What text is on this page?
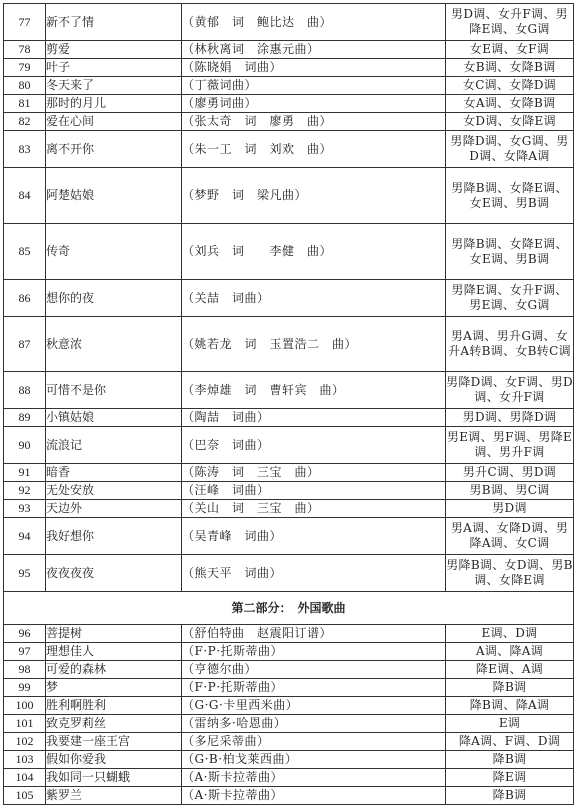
77	新不了情	（黄郁　词　鲍比达　曲）	男D调、女升F调、男降E调、女G调
78	剪爱	（林秋离词　涂惠元曲）	女E调、女F调
79	叶子	（陈晓娟　词曲）	女B调、女降B调
80	冬天来了	（丁薇词曲）	女C调、女降D调
81	那时的月儿	（廖勇词曲）	女A调、女降B调
82	爱在心间	（张太奇　词　廖勇　曲）	女D调、女降E调
83	离不开你	（朱一工　词　刘欢　曲）	男降D调、女G调、男D调、女降A调
84	阿楚姑娘	（梦野　词　梁凡曲）	男降B调、女降E调、女E调、男B调
85	传奇	（刘兵　词　　李健　曲）	男降B调、女降E调、女E调、男B调
86	想你的夜	（关喆　词曲）	男降E调、女升F调、男E调、女G调
87	秋意浓	（姚若龙　词　玉置浩二　曲）	男A调、男升G调、女升A转B调、女B转C调
88	可惜不是你	（李焯雄　词　曹轩宾　曲）	男降D调、女F调、男D调、女升F调
89	小镇姑娘	（陶喆　词曲）	男D调、男降D调
90	流浪记	（巴奈　词曲）	男E调、男F调、男降E调、男升F调
91	暗香	（陈涛　词　三宝　曲）	男升C调、男D调
92	无处安放	（汪峰　词曲）	男B调、男C调
93	天边外	（关山　词　三宝　曲）	男D调
94	我好想你	（吴青峰　词曲）	男A调、女降D调、男降A调、女C调
95	夜夜夜夜	（熊天平　词曲）	男降B调、女D调、男B调、女降E调
第二部分：　外国歌曲			
96	菩提树	（舒伯特曲　赵震阳订谱）	E调、D调
97	理想佳人	（F·P·托斯蒂曲）	A调、降A调
98	可爱的森林	（亨德尔曲）	降E调、A调
99	梦	（F·P·托斯蒂曲）	降B调
100	胜利啊胜利	（G·G·卡里西米曲）	降B调、降A调
101	致克罗莉丝	（雷纳多·哈恩曲）	E调
102	我要建一座王宫	（多尼采蒂曲）	降A调、F调、D调
103	假如你爱我	（G·B·柏戈莱西曲）	降B调
104	我如同一只蝴蛾	（A·斯卡拉蒂曲）	降E调
105	紫罗兰	（A·斯卡拉蒂曲）	降B调
